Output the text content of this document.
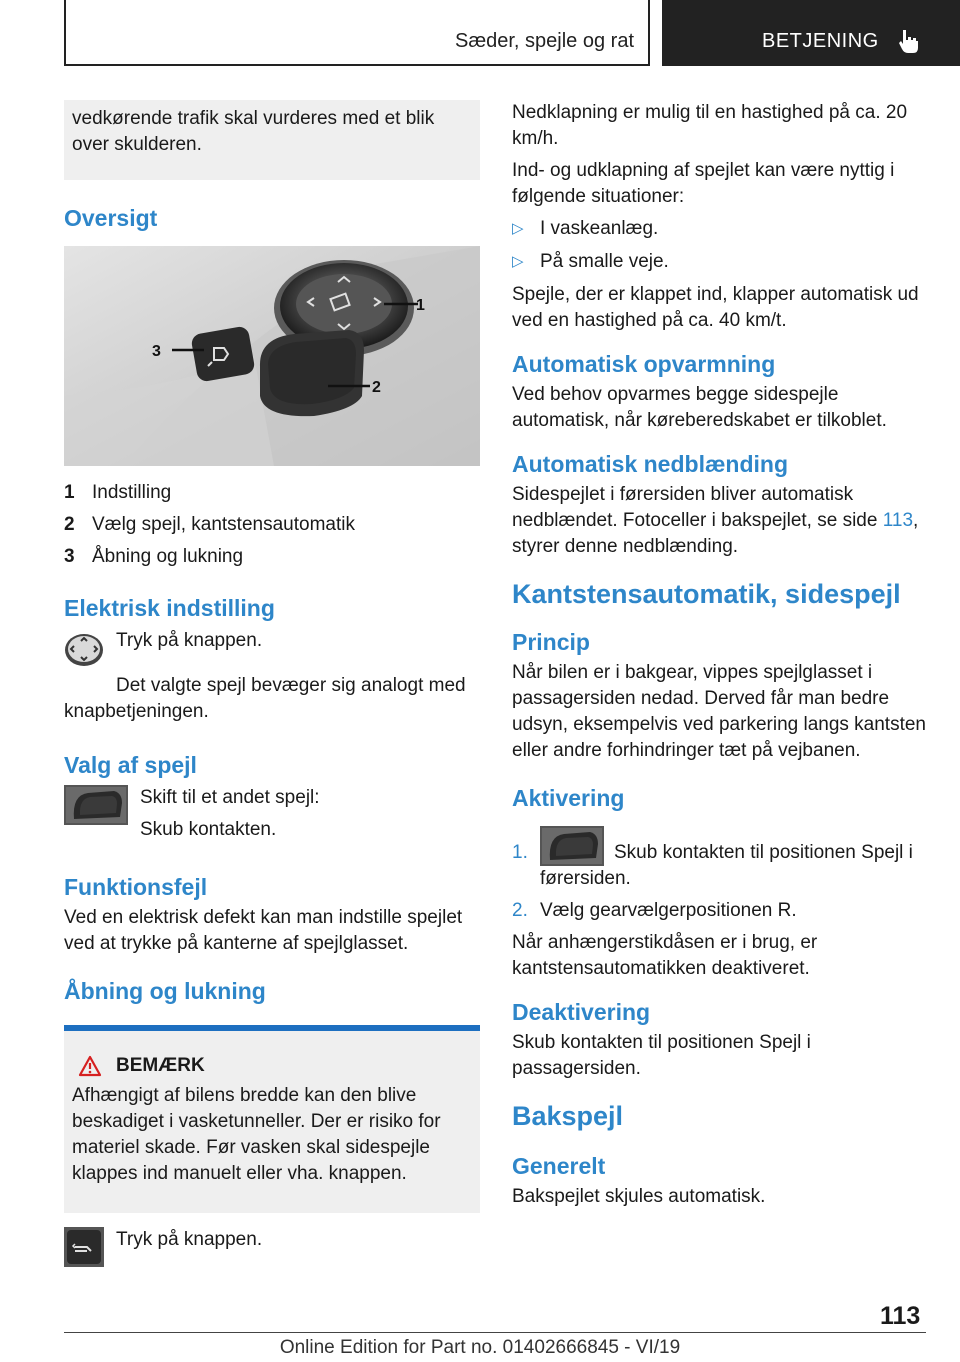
Sæder, spejle og rat	BETJENING

vedkørende trafik skal vurderes med et blik over skulderen.

Oversigt
1
2
3
1 Indstilling
2 Vælg spejl, kantstensautomatik
3 Åbning og lukning
Elektrisk indstilling

Tryk på knappen.

Det valgte spejl bevæger sig analogt med knapbetjeningen.

Valg af spejl

Skift til et andet spejl:

Skub kontakten.

Funktionsfejl

Ved en elektrisk defekt kan man indstille spejlet ved at trykke på kanterne af spejlglasset.

Åbning og lukning
BEMÆRK

Afhængigt af bilens bredde kan den blive beskadiget i vasketunneller. Der er risiko for materiel skade. Før vasken skal sidespejle klappes ind manuelt eller vha. knappen.

Tryk på knappen.

Nedklapning er mulig til en hastighed på ca. 20 km/h.

Ind- og udklapning af spejlet kan være nyttig i følgende situationer:

▷ I vaskeanlæg.
▷ På smalle veje.

Spejle, der er klappet ind, klapper automatisk ud ved en hastighed på ca. 40 km/t.

Automatisk opvarmning

Ved behov opvarmes begge sidespejle automatisk, når køreberedskabet er tilkoblet.

Automatisk nedblænding

Sidespejlet i førersiden bliver automatisk nedblændet. Fotoceller i bakspejlet, se side 113, styrer denne nedblænding.

Kantstensautomatik, sidespejl
Princip

Når bilen er i bakgear, vippes spejlglasset i passagersiden nedad. Derved får man bedre udsyn, eksempelvis ved parkering langs kantsten eller andre forhindringer tæt på vejbanen.

Aktivering
1.	Skub kontakten til positionen Spejl i førersiden.
2. Vælg gearvælgerpositionen R.

Når anhængerstikdåsen er i brug, er kantstensautomatikken deaktiveret.

Deaktivering

Skub kontakten til positionen Spejl i passagersiden.

Bakspejl
Generelt

Bakspejlet skjules automatisk.

113
Online Edition for Part no. 01402666845 - VI/19
